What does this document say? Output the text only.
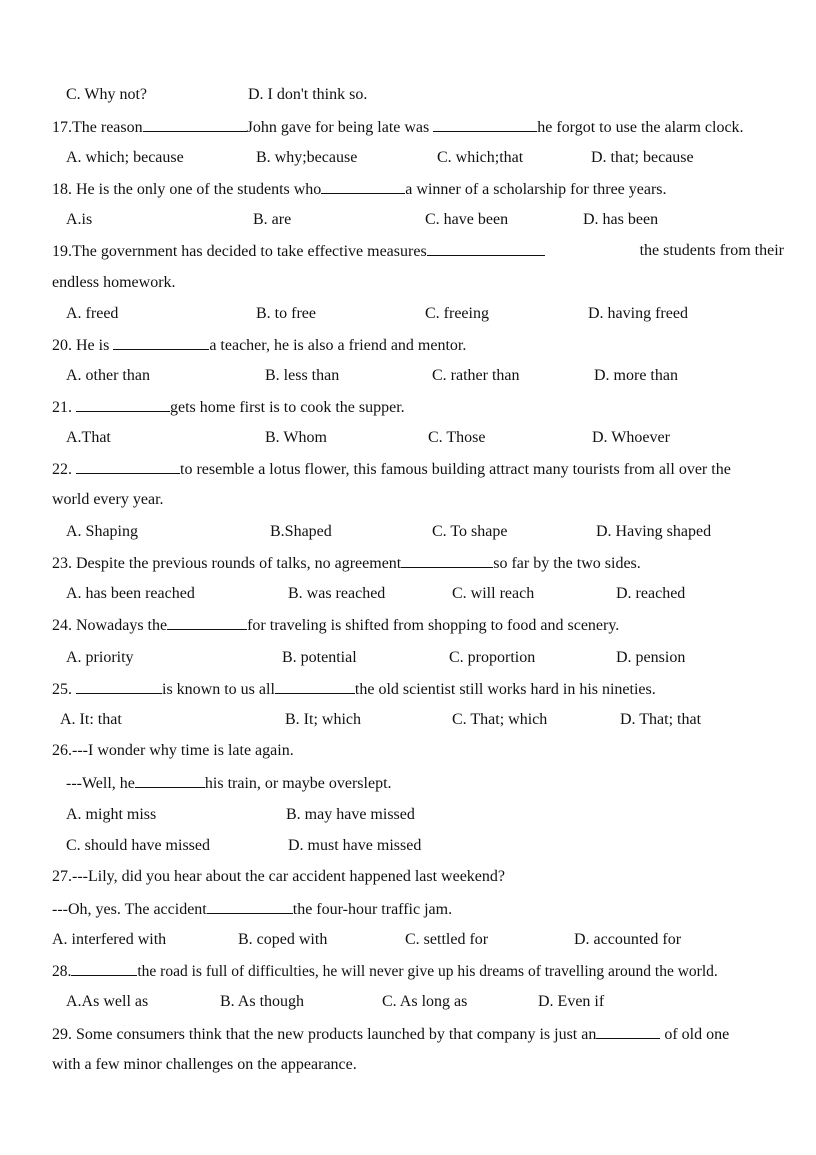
C. Why not?	D. I don't think so.
17.The reason	John gave for being late was	he forgot to use the alarm clock.
A. which; because	B. why;because	C. which;that	D. that; because
18. He is the only one of the students who	a winner of a scholarship for three years.
A.is	B. are	C. have been	D. has been
19.The government has decided to take effective measures	the students from their
endless homework.
A. freed	B. to free	C. freeing	D. having freed
20. He is	a teacher, he is also a friend and mentor.
A. other than	B. less than	C. rather than	D. more than
21.	gets home first is to cook the supper.
A.That	B. Whom	C. Those	D. Whoever
22.	to resemble a lotus flower, this famous building attract many tourists from all over the
world every year.
A. Shaping	B.Shaped	C. To shape	D. Having shaped
23. Despite the previous rounds of talks, no agreement	so far by the two sides.
A. has been reached	B. was reached	C. will reach	D. reached
24. Nowadays the	for traveling is shifted from shopping to food and scenery.
A. priority	B. potential	C. proportion	D. pension
25.	is known to us all	the old scientist still works hard in his nineties.
A. It: that	B. It; which	C. That; which	D. That; that
26.---I wonder why time is late again.
---Well, he	his train, or maybe overslept.
A. might miss	B. may have missed
C. should have missed	D. must have missed
27.---Lily, did you hear about the car accident happened last weekend?
---Oh, yes. The accident	the four-hour traffic jam.
A. interfered with	B. coped with	C. settled for	D. accounted for
28.	the road is full of difficulties, he will never give up his dreams of travelling around the world.
A.As well as	B. As though	C. As long as	D. Even if
29. Some consumers think that the new products launched by that company is just an	of old one
with a few minor challenges on the appearance.
